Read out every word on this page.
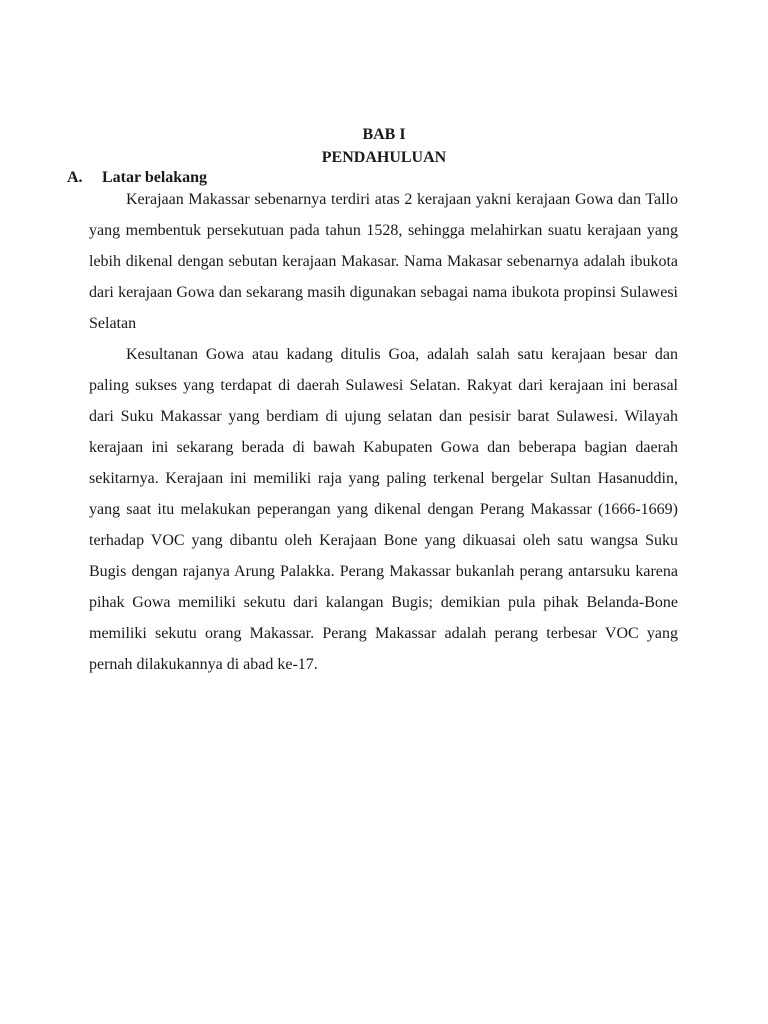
BAB I
PENDAHULUAN
A. Latar belakang

Kerajaan Makassar sebenarnya terdiri atas 2 kerajaan yakni kerajaan Gowa dan Tallo yang membentuk persekutuan pada tahun 1528, sehingga melahirkan suatu kerajaan yang lebih dikenal dengan sebutan kerajaan Makasar. Nama Makasar sebenarnya adalah ibukota dari kerajaan Gowa dan sekarang masih digunakan sebagai nama ibukota propinsi Sulawesi Selatan

Kesultanan Gowa atau kadang ditulis Goa, adalah salah satu kerajaan besar dan paling sukses yang terdapat di daerah Sulawesi Selatan. Rakyat dari kerajaan ini berasal dari Suku Makassar yang berdiam di ujung selatan dan pesisir barat Sulawesi. Wilayah kerajaan ini sekarang berada di bawah Kabupaten Gowa dan beberapa bagian daerah sekitarnya. Kerajaan ini memiliki raja yang paling terkenal bergelar Sultan Hasanuddin, yang saat itu melakukan peperangan yang dikenal dengan Perang Makassar (1666-1669) terhadap VOC yang dibantu oleh Kerajaan Bone yang dikuasai oleh satu wangsa Suku Bugis dengan rajanya Arung Palakka. Perang Makassar bukanlah perang antarsuku karena pihak Gowa memiliki sekutu dari kalangan Bugis; demikian pula pihak Belanda-Bone memiliki sekutu orang Makassar. Perang Makassar adalah perang terbesar VOC yang pernah dilakukannya di abad ke-17.
